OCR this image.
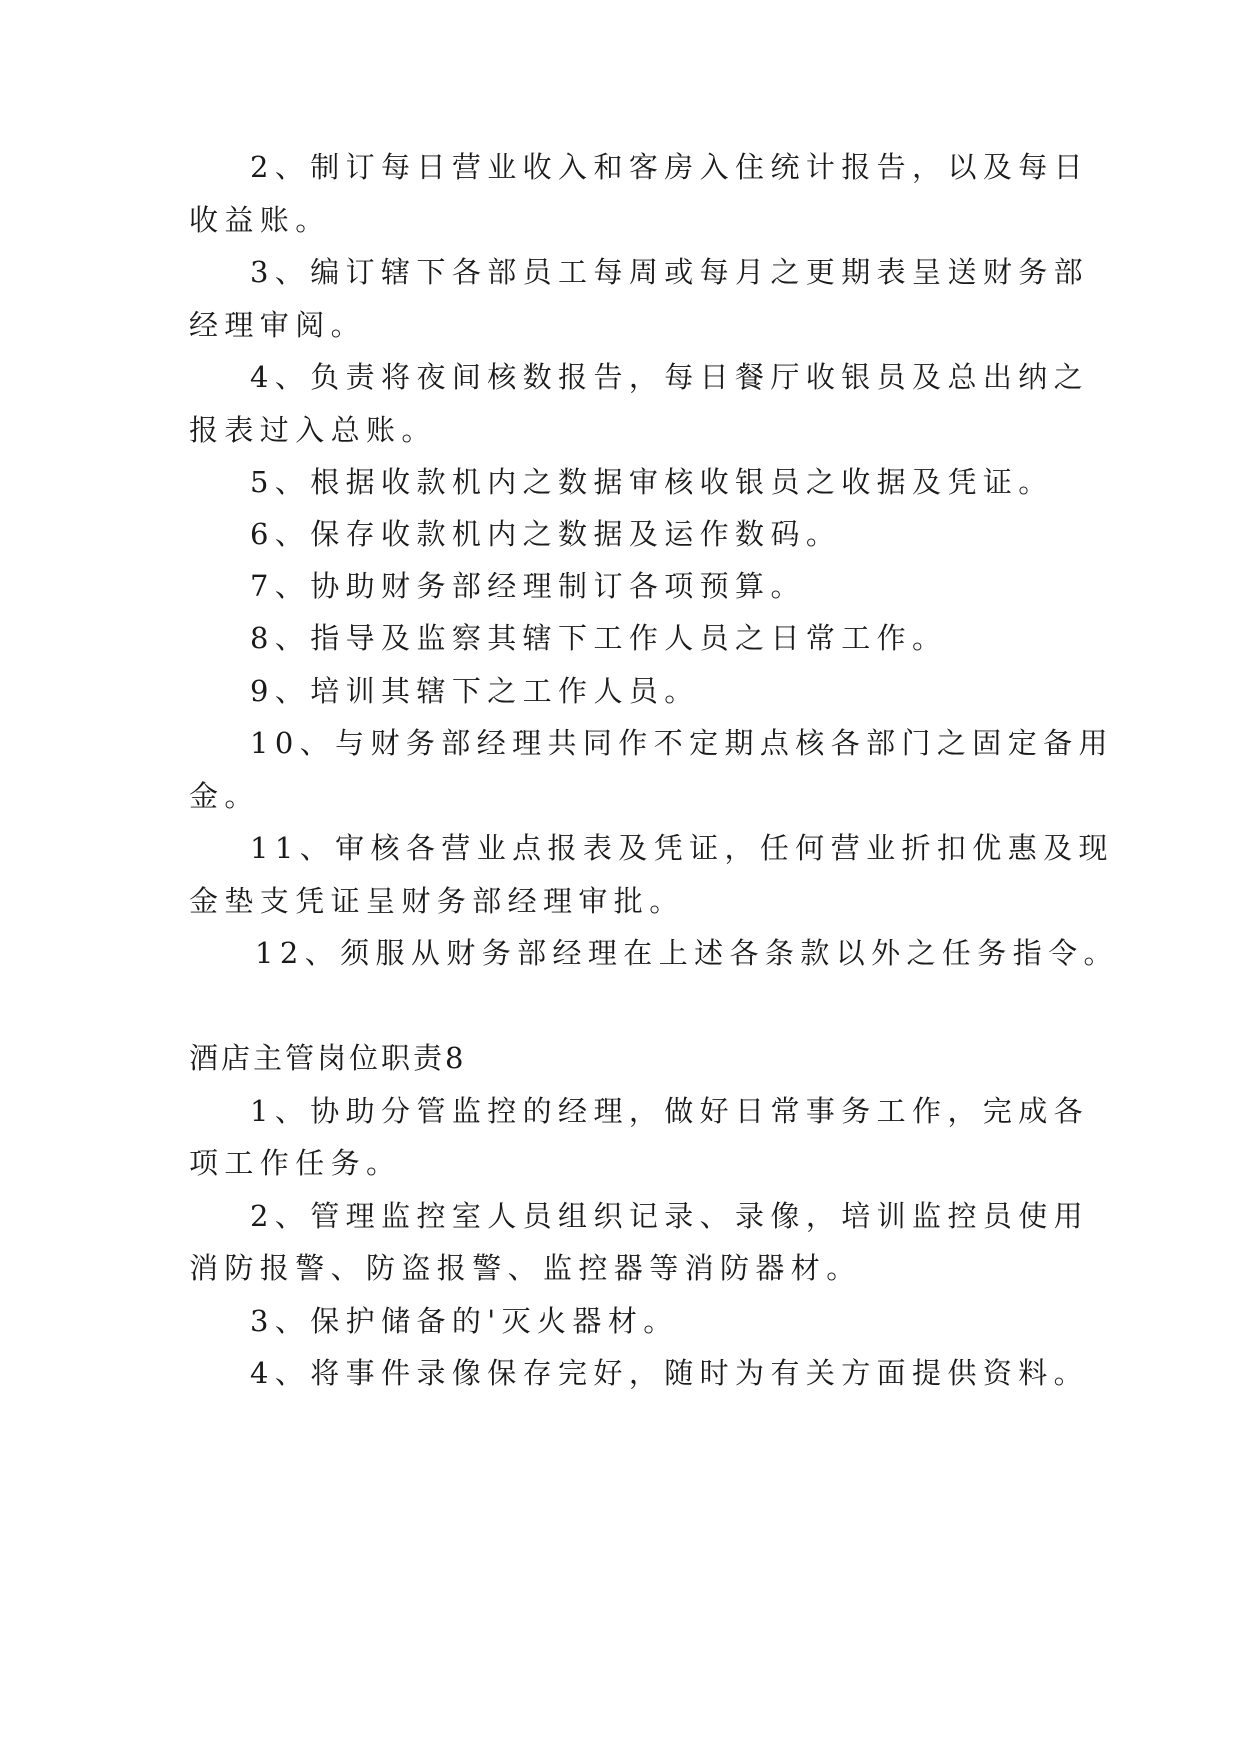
2、制订每日营业收入和客房入住统计报告，以及每日
收益账。
3、编订辖下各部员工每周或每月之更期表呈送财务部
经理审阅。
4、负责将夜间核数报告，每日餐厅收银员及总出纳之
报表过入总账。
5、根据收款机内之数据审核收银员之收据及凭证。
6、保存收款机内之数据及运作数码。
7、协助财务部经理制订各项预算。
8、指导及监察其辖下工作人员之日常工作。
9、培训其辖下之工作人员。
10、与财务部经理共同作不定期点核各部门之固定备用
金。
11、审核各营业点报表及凭证，任何营业折扣优惠及现
金垫支凭证呈财务部经理审批。
12、须服从财务部经理在上述各条款以外之任务指令。
酒店主管岗位职责8
1、协助分管监控的经理，做好日常事务工作，完成各
项工作任务。
2、管理监控室人员组织记录、录像，培训监控员使用
消防报警、防盗报警、监控器等消防器材。
3、保护储备的'灭火器材。
4、将事件录像保存完好，随时为有关方面提供资料。
